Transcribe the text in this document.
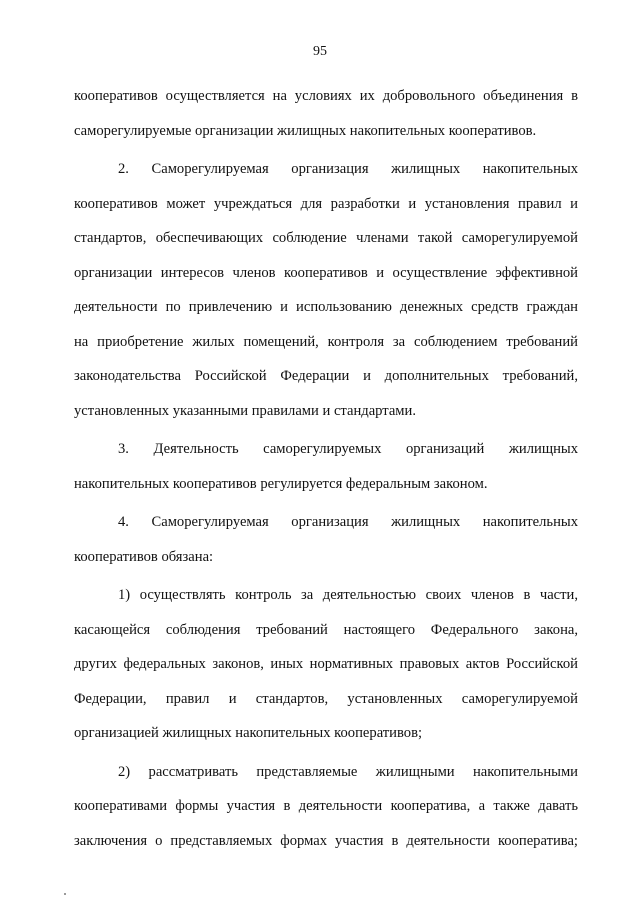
95
кооперативов осуществляется на условиях их добровольного объединения в
саморегулируемые организации жилищных накопительных кооперативов.
2. Саморегулируемая организация жилищных накопительных
кооперативов может учреждаться для разработки и установления правил и
стандартов, обеспечивающих соблюдение членами такой саморегулируемой
организации интересов членов кооперативов и осуществление эффективной
деятельности по привлечению и использованию денежных средств граждан
на приобретение жилых помещений, контроля за соблюдением требований
законодательства Российской Федерации и дополнительных требований,
установленных указанными правилами и стандартами.
3. Деятельность саморегулируемых организаций жилищных
накопительных кооперативов регулируется федеральным законом.
4. Саморегулируемая организация жилищных накопительных
кооперативов обязана:
1) осуществлять контроль за деятельностью своих членов в части,
касающейся соблюдения требований настоящего Федерального закона,
других федеральных законов, иных нормативных правовых актов Российской
Федерации, правил и стандартов, установленных саморегулируемой
организацией жилищных накопительных кооперативов;
2) рассматривать представляемые жилищными накопительными
кооперативами формы участия в деятельности кооператива, а также давать
заключения о представляемых формах участия в деятельности кооператива;
